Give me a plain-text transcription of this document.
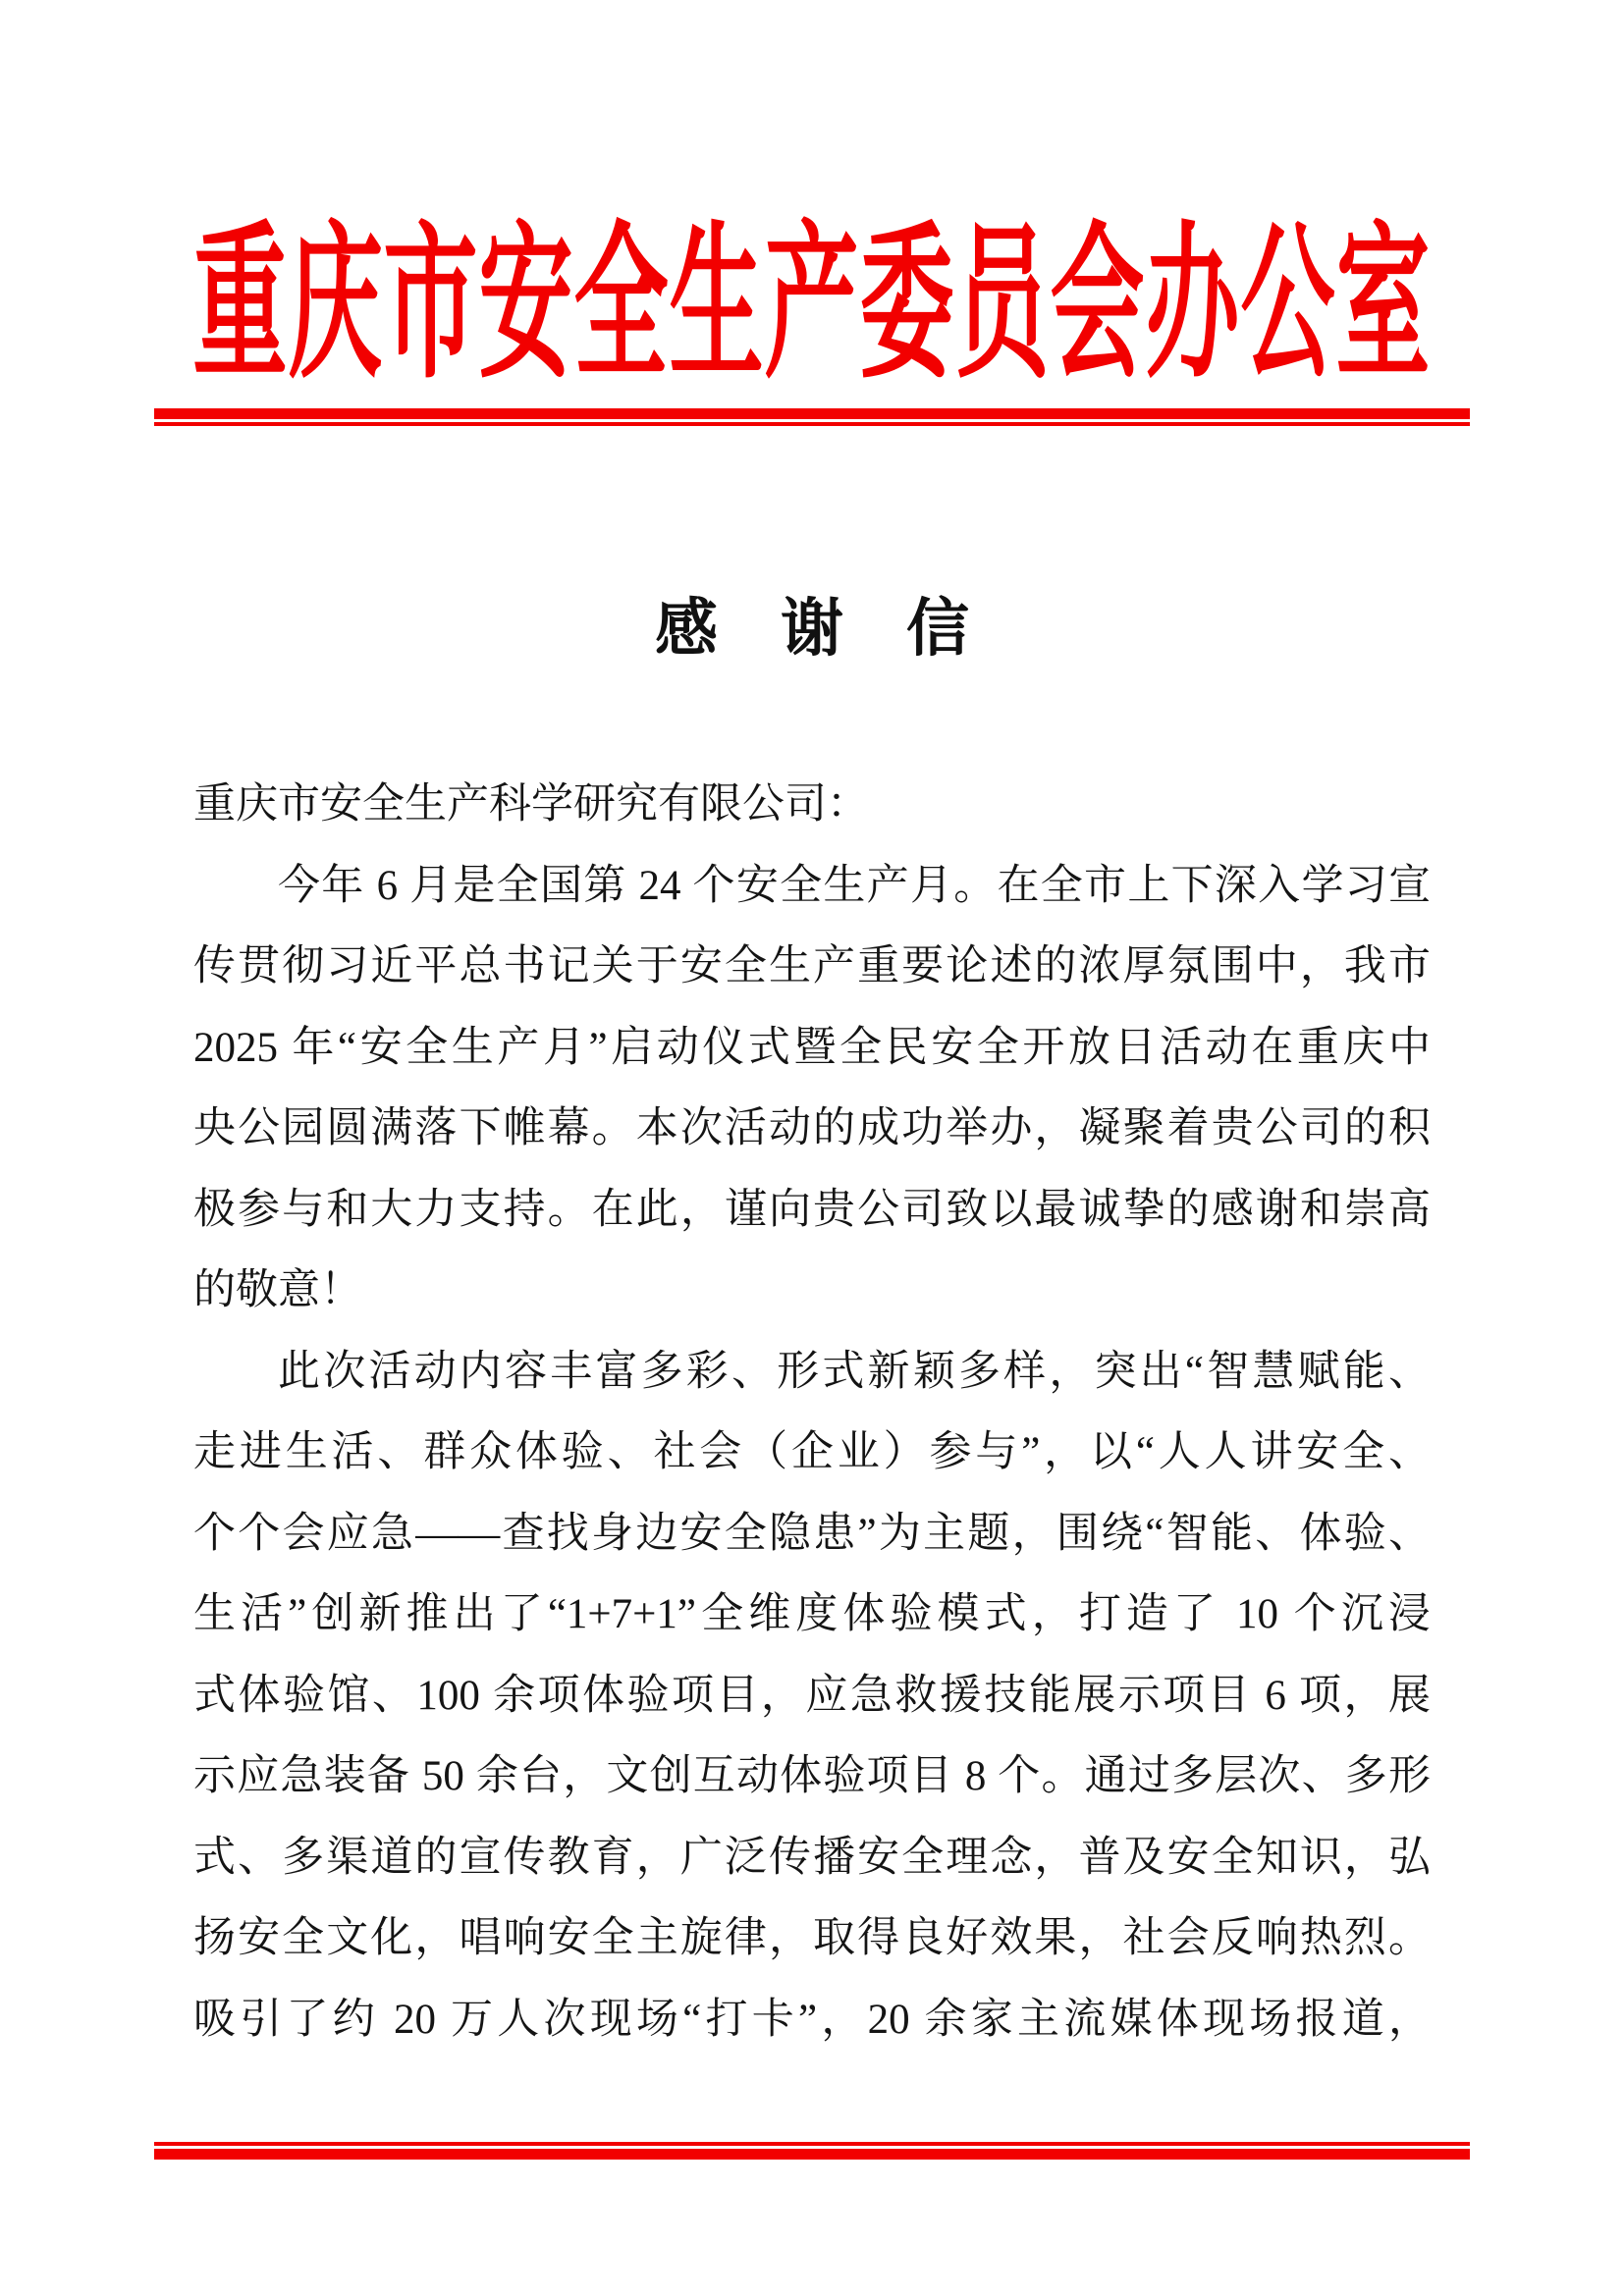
重庆市安全生产委员会办公室
感　谢　信
重庆市安全生产科学研究有限公司：
今年 6 月是全国第 24 个安全生产月。在全市上下深入学习宣
传贯彻习近平总书记关于安全生产重要论述的浓厚氛围中，我市
2025 年“安全生产月”启动仪式暨全民安全开放日活动在重庆中
央公园圆满落下帷幕。本次活动的成功举办，凝聚着贵公司的积
极参与和大力支持。在此，谨向贵公司致以最诚挚的感谢和崇高
的敬意！
此次活动内容丰富多彩、形式新颖多样，突出“智慧赋能、
走进生活、群众体验、社会（企业）参与”，以“人人讲安全、
个个会应急——查找身边安全隐患”为主题，围绕“智能、体验、
生活”创新推出了“1+7+1”全维度体验模式，打造了 10 个沉浸
式体验馆、100 余项体验项目，应急救援技能展示项目 6 项，展
示应急装备 50 余台，文创互动体验项目 8 个。通过多层次、多形
式、多渠道的宣传教育，广泛传播安全理念，普及安全知识，弘
扬安全文化，唱响安全主旋律，取得良好效果，社会反响热烈。
吸引了约 20 万人次现场“打卡”，20 余家主流媒体现场报道，
